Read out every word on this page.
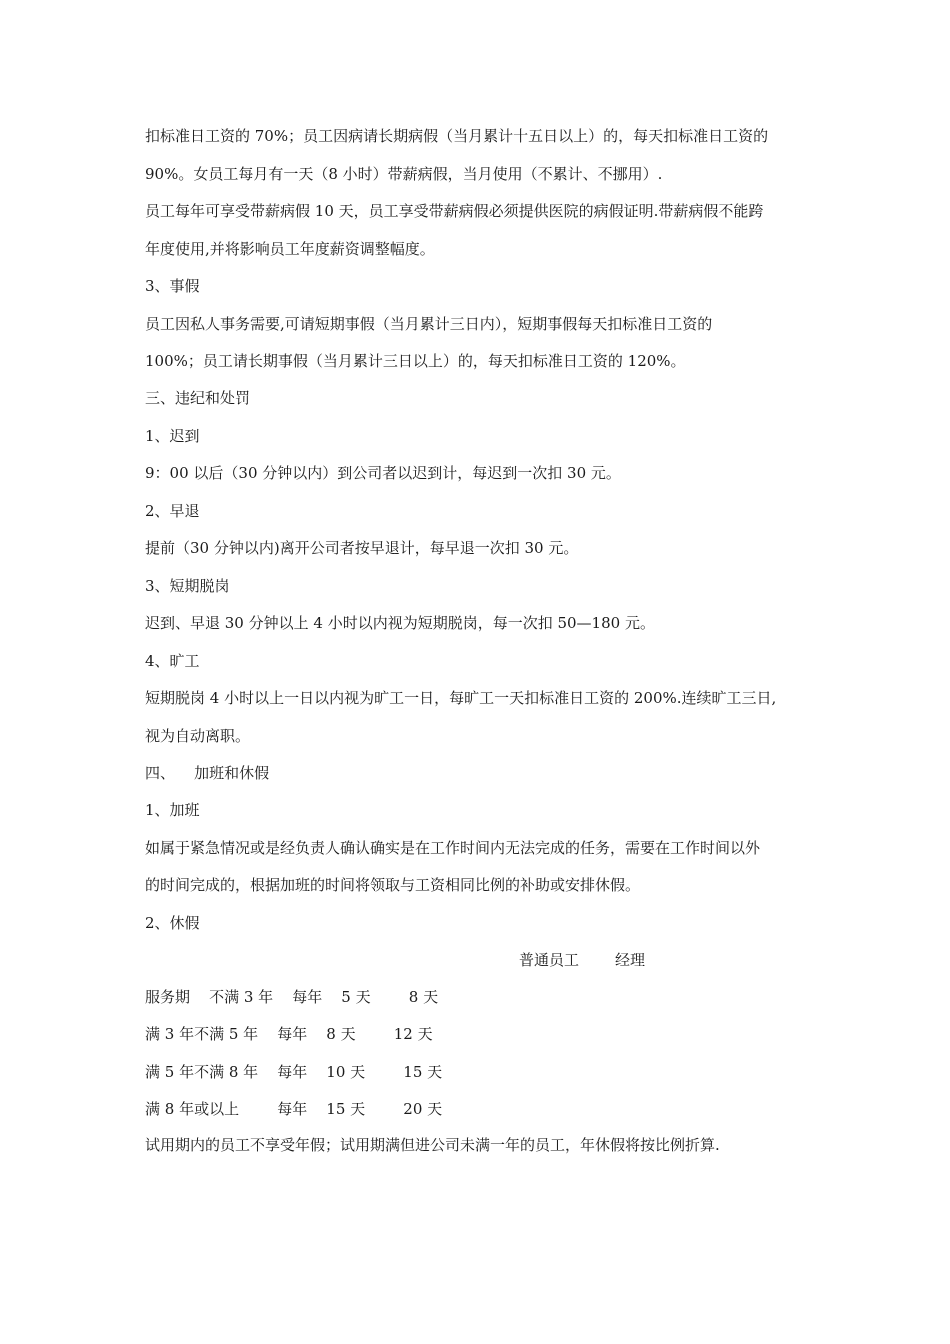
扣标准日工资的 70%；员工因病请长期病假（当月累计十五日以上）的，每天扣标准日工资的
90%。女员工每月有一天（8 小时）带薪病假，当月使用（不累计、不挪用）.
员工每年可享受带薪病假 10 天，员工享受带薪病假必须提供医院的病假证明.带薪病假不能跨
年度使用,并将影响员工年度薪资调整幅度。
3、事假
员工因私人事务需要,可请短期事假（当月累计三日内），短期事假每天扣标准日工资的
100%；员工请长期事假（当月累计三日以上）的，每天扣标准日工资的 120%。
三、违纪和处罚
1、迟到
9：00 以后（30 分钟以内）到公司者以迟到计，每迟到一次扣 30 元。
2、早退
提前（30 分钟以内)离开公司者按早退计，每早退一次扣 30 元。
3、短期脱岗
迟到、早退 30 分钟以上 4 小时以内视为短期脱岗，每一次扣 50—180 元。
4、旷工
短期脱岗 4 小时以上一日以内视为旷工一日，每旷工一天扣标准日工资的 200%.连续旷工三日,
视为自动离职。
四、    加班和休假
1、加班
如属于紧急情况或是经负责人确认确实是在工作时间内无法完成的任务，需要在工作时间以外
的时间完成的，根据加班的时间将领取与工资相同比例的补助或安排休假。
2、休假
普通员工 经理
服务期    不满 3 年    每年    5 天        8 天
满 3 年不满 5 年    每年    8 天        12 天
满 5 年不满 8 年    每年    10 天        15 天
满 8 年或以上        每年    15 天        20 天
试用期内的员工不享受年假；试用期满但进公司未满一年的员工，年休假将按比例折算.
